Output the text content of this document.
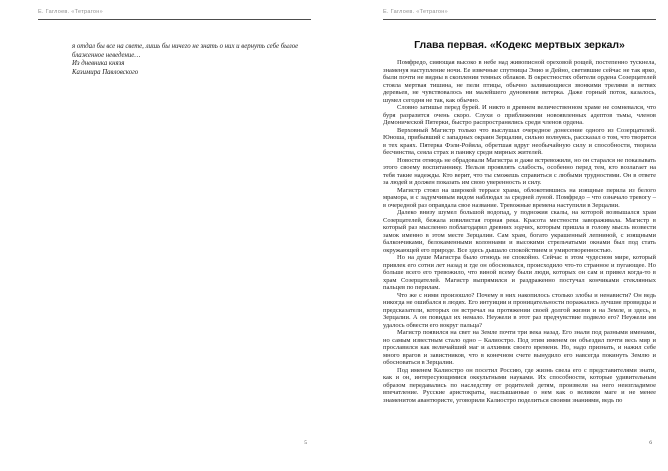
Е. Гаглоев. «Тетрагон»

я отдал бы все на свете, лишь бы ничего не знать о них и вернуть себе былое блаженное неведение…

Из дневника князя

Казимира Павловского

5
Е. Гаглоев. «Тетрагон»
Глава первая. «Кодекс мертвых зеркал»

Помфредо, сияющая высоко в небе над живописной ореховой рощей, постепенно тускнела, знаменуя наступление ночи. Ее извечные спутницы Энио и Дейно, светившие сейчас не так ярко, были почти не видны в скоплении темных облаков. В окрестностях обители ордена Созерцателей стояла мертвая тишина, не пели птицы, обычно заливающиеся звонкими трелями в ветвях деревьев, не чувствовалось ни малейшего дуновения ветерка. Даже горный поток, казалось, шумел сегодня не так, как обычно.

Словно затишье перед бурей. И никто в древнем величественном храме не сомневался, что буря разразится очень скоро. Слухи о приближении новоявленных адептов тьмы, членов Демонической Пятерки, быстро распространялись среди членов ордена.

Верховный Магистр только что выслушал очередное донесение одного из Созерцателей. Юноша, прибывший с западных окраин Зерцалии, сильно волнуясь, рассказал о том, что творится в тех краях. Пятерка Фэли-Ройяла, обретшая вдруг необычайную силу и способности, творила бесчинства, сеяла страх и панику среди мирных жителей.

Новости отнюдь не обрадовали Магистра и даже встревожили, но он старался не показывать этого своему воспитаннику. Нельзя проявлять слабость, особенно перед тем, кто возлагает на тебя такие надежды. Кто верит, что ты сможешь справиться с любыми трудностями. Он в ответе за людей и должен показать им свою уверенность и силу.

Магистр стоял на широкой террасе храма, облокотившись на изящные перила из белого мрамора, и с задумчивым видом наблюдал за средней луной. Помфредо – что означало тревогу – в очередной раз оправдала свое название. Тревожные времена наступили в Зерцалии.

Далеко внизу шумел большой водопад, у подножия скалы, на которой возвышался храм Созерцателей, бежала извилистая горная река. Красота местности завораживала. Магистр в который раз мысленно поблагодарил древних зодчих, которым пришла в голову мысль возвести замок именно в этом месте Зерцалии. Сам храм, богато украшенный лепниной, с изящными балкончиками, белокаменными колоннами и высокими стрельчатыми окнами был под стать окружающей его природе. Все здесь дышало спокойствием и умиротворенностью.

Но на душе Магистра было отнюдь не спокойно. Сейчас в этом чудесном мире, который привлек его сотни лет назад и где он обосновался, происходило что-то странное и пугающее. Но больше всего его тревожило, что виной всему были люди, которых он сам и привел когда-то в храм Созерцателей. Магистр выпрямился и раздраженно постучал кончиками стеклянных пальцев по перилам.

Что же с ними произошло? Почему в них накопилось столько злобы и ненависти? Он ведь никогда не ошибался в людях. Его интуиции и проницательности поражались лучшие провидцы и предсказатели, которых он встречал на протяжении своей долгой жизни и на Земле, и здесь, в Зерцалии. А он повидал их немало. Неужели в этот раз предчувствие подвело его? Неужели им удалось обвести его вокруг пальца?

Магистр появился на свет на Земле почти три века назад. Его знали под разными именами, но самым известным стало одно – Калиостро. Под этим именем он объездил почти весь мир и прославился как величайший маг и алхимик своего времени. Но, надо признать, и нажил себе много врагов и завистников, что в конечном счете вынудило его навсегда покинуть Землю и обосноваться в Зерцалии.

Под именем Калиостро он посетил Россию, где жизнь свела его с представителями знати, как и он, интересующимися оккультными науками. Их способности, которые удивительным образом передавались по наследству от родителей детям, произвели на него неизгладимое впечатление. Русские аристократы, наслышанные о нем как о великом маге и не менее знаменитом авантюристе, уговорили Калиостро поделиться своими знаниями, ведь по

6
